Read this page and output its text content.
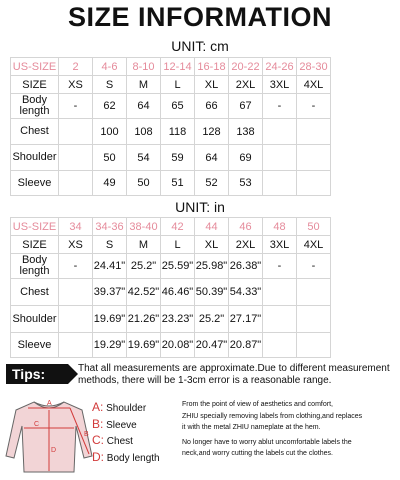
SIZE INFORMATION
UNIT: cm
US-SIZE	2	4-6	8-10	12-14	16-18	20-22	24-26	28-30
SIZE	XS	S	M	L	XL	2XL	3XL	4XL
Body length	-	62	64	65	66	67	-	-
Chest		100	108	118	128	138		
Shoulder		50	54	59	64	69		
Sleeve		49	50	51	52	53		
UNIT: in
US-SIZE	34	34-36	38-40	42	44	46	48	50
SIZE	XS	S	M	L	XL	2XL	3XL	4XL
Body length	-	24.41"	25.2"	25.59"	25.98"	26.38"	-	-
Chest		39.37"	42.52"	46.46"	50.39"	54.33"		
Shoulder		19.69"	21.26"	23.23"	25.2"	27.17"		
Sleeve		19.29"	19.69"	20.08"	20.47"	20.87"		
Tips:	That all measurements are approximate.Due to different measurement methods, there will be 1-3cm error is a reasonable range.
A
B
C
D
A: Shoulder
B: Sleeve
C: Chest
D: Body length
From the point of view of aesthetics and comfort,
ZHIU specially removing labels from clothing,and replaces
it with the metal ZHIU nameplate at the hem.
No longer have to worry ablut uncomfortable labels the
neck,and worry cutting the labels cut the clothes.
